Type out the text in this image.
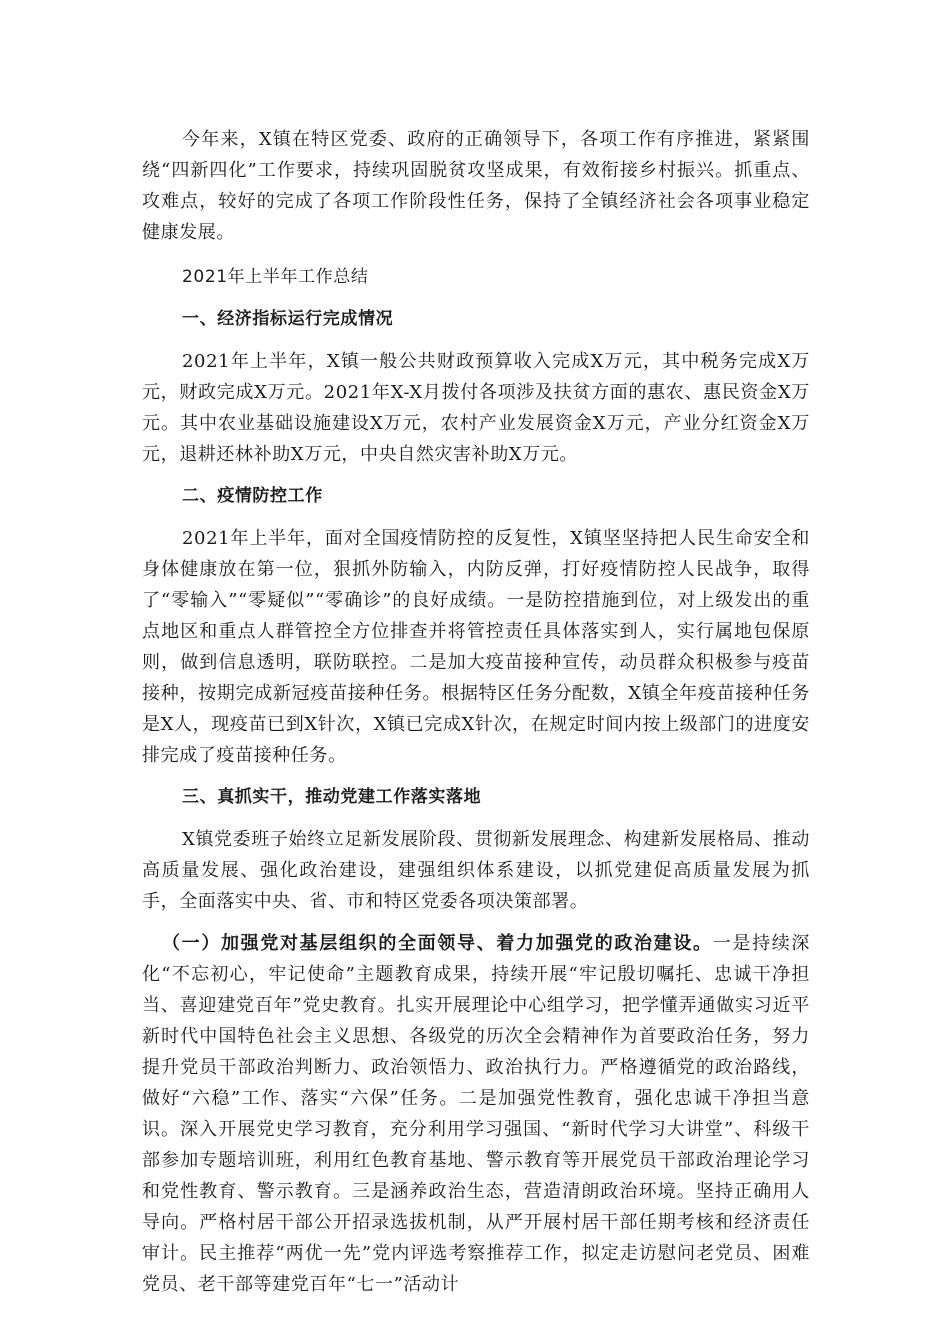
今年来，X镇在特区党委、政府的正确领导下，各项工作有序推进，紧紧围绕“四新四化”工作要求，持续巩固脱贫攻坚成果，有效衔接乡村振兴。抓重点、攻难点，较好的完成了各项工作阶段性任务，保持了全镇经济社会各项事业稳定健康发展。

2021年上半年工作总结

一、经济指标运行完成情况

2021年上半年，X镇一般公共财政预算收入完成X万元，其中税务完成X万元，财政完成X万元。2021年X-X月拨付各项涉及扶贫方面的惠农、惠民资金X万元。其中农业基础设施建设X万元，农村产业发展资金X万元，产业分红资金X万元，退耕还林补助X万元，中央自然灾害补助X万元。

二、疫情防控工作

2021年上半年，面对全国疫情防控的反复性，X镇坚坚持把人民生命安全和身体健康放在第一位，狠抓外防输入，内防反弹，打好疫情防控人民战争，取得了“零输入”“零疑似”“零确诊”的良好成绩。一是防控措施到位，对上级发出的重点地区和重点人群管控全方位排查并将管控责任具体落实到人，实行属地包保原则，做到信息透明，联防联控。二是加大疫苗接种宣传，动员群众积极参与疫苗接种，按期完成新冠疫苗接种任务。根据特区任务分配数，X镇全年疫苗接种任务是X人，现疫苗已到X针次，X镇已完成X针次，在规定时间内按上级部门的进度安排完成了疫苗接种任务。

三、真抓实干，推动党建工作落实落地

X镇党委班子始终立足新发展阶段、贯彻新发展理念、构建新发展格局、推动高质量发展、强化政治建设，建强组织体系建设，以抓党建促高质量发展为抓手，全面落实中央、省、市和特区党委各项决策部署。

（一）加强党对基层组织的全面领导、着力加强党的政治建设。一是持续深化“不忘初心，牢记使命”主题教育成果，持续开展“牢记殷切嘱托、忠诚干净担当、喜迎建党百年”党史教育。扎实开展理论中心组学习，把学懂弄通做实习近平新时代中国特色社会主义思想、各级党的历次全会精神作为首要政治任务，努力提升党员干部政治判断力、政治领悟力、政治执行力。严格遵循党的政治路线，做好“六稳”工作、落实“六保”任务。二是加强党性教育，强化忠诚干净担当意识。深入开展党史学习教育，充分利用学习强国、“新时代学习大讲堂”、科级干部参加专题培训班，利用红色教育基地、警示教育等开展党员干部政治理论学习和党性教育、警示教育。三是涵养政治生态，营造清朗政治环境。坚持正确用人导向。严格村居干部公开招录选拔机制，从严开展村居干部任期考核和经济责任审计。民主推荐“两优一先”党内评选考察推荐工作，拟定走访慰问老党员、困难党员、老干部等建党百年“七一”活动计
